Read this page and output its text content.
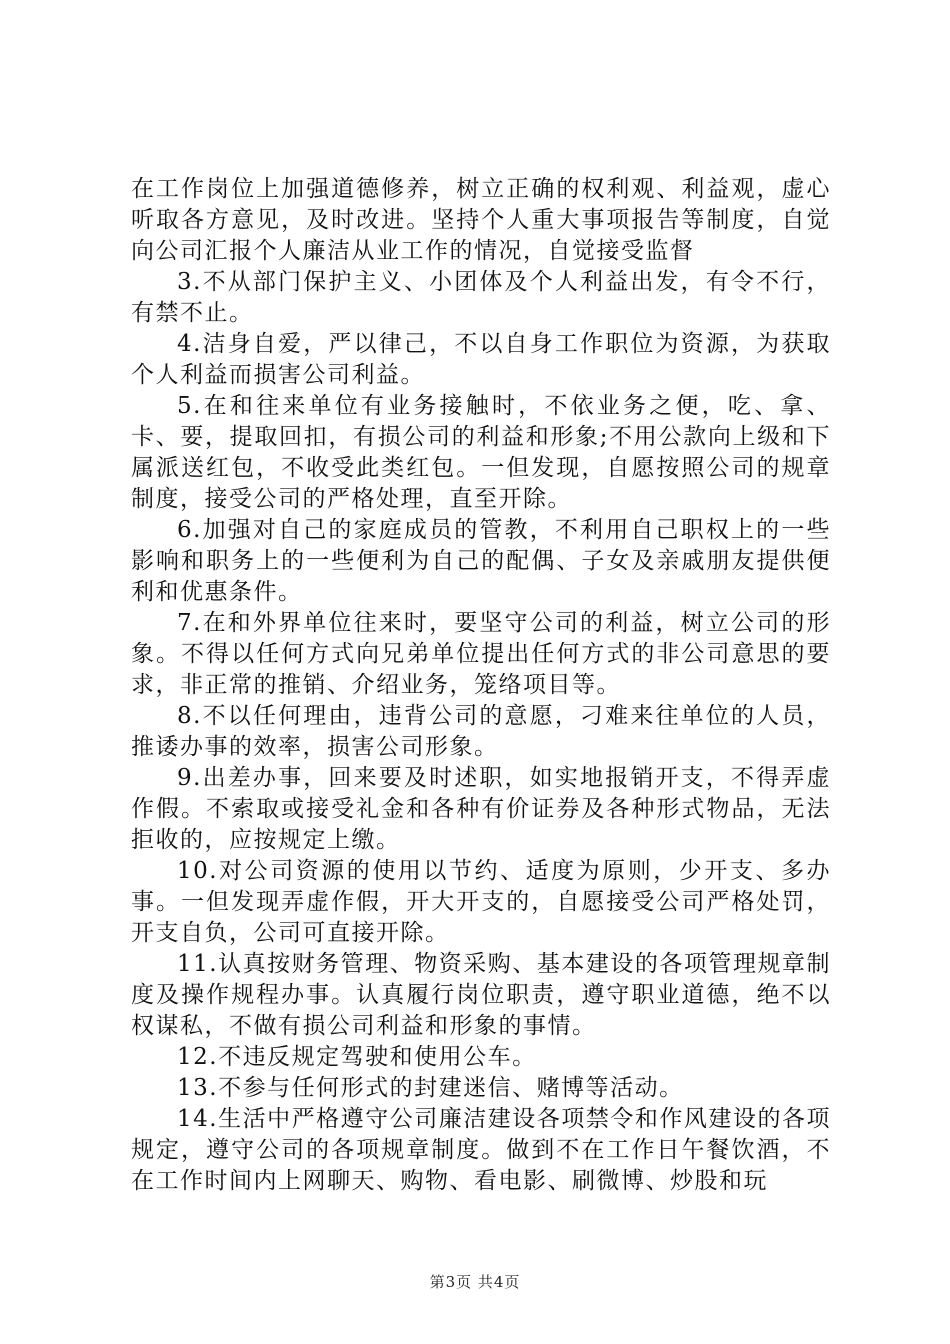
在工作岗位上加强道德修养，树立正确的权利观、利益观，虚心听取各方意见，及时改进。坚持个人重大事项报告等制度，自觉向公司汇报个人廉洁从业工作的情况，自觉接受监督

3.不从部门保护主义、小团体及个人利益出发，有令不行，有禁不止。

4.洁身自爱，严以律己，不以自身工作职位为资源，为获取个人利益而损害公司利益。

5.在和往来单位有业务接触时，不依业务之便，吃、拿、卡、要，提取回扣，有损公司的利益和形象;不用公款向上级和下属派送红包，不收受此类红包。一但发现，自愿按照公司的规章制度，接受公司的严格处理，直至开除。

6.加强对自己的家庭成员的管教，不利用自己职权上的一些影响和职务上的一些便利为自己的配偶、子女及亲戚朋友提供便利和优惠条件。

7.在和外界单位往来时，要坚守公司的利益，树立公司的形象。不得以任何方式向兄弟单位提出任何方式的非公司意思的要求，非正常的推销、介绍业务，笼络项目等。

8.不以任何理由，违背公司的意愿，刁难来往单位的人员，推诿办事的效率，损害公司形象。

9.出差办事，回来要及时述职，如实地报销开支，不得弄虚作假。不索取或接受礼金和各种有价证券及各种形式物品，无法拒收的，应按规定上缴。

10.对公司资源的使用以节约、适度为原则，少开支、多办事。一但发现弄虚作假，开大开支的，自愿接受公司严格处罚，开支自负，公司可直接开除。

11.认真按财务管理、物资采购、基本建设的各项管理规章制度及操作规程办事。认真履行岗位职责，遵守职业道德，绝不以权谋私，不做有损公司利益和形象的事情。

12.不违反规定驾驶和使用公车。

13.不参与任何形式的封建迷信、赌博等活动。

14.生活中严格遵守公司廉洁建设各项禁令和作风建设的各项规定，遵守公司的各项规章制度。做到不在工作日午餐饮酒，不在工作时间内上网聊天、购物、看电影、刷微博、炒股和玩

第3页 共4页
